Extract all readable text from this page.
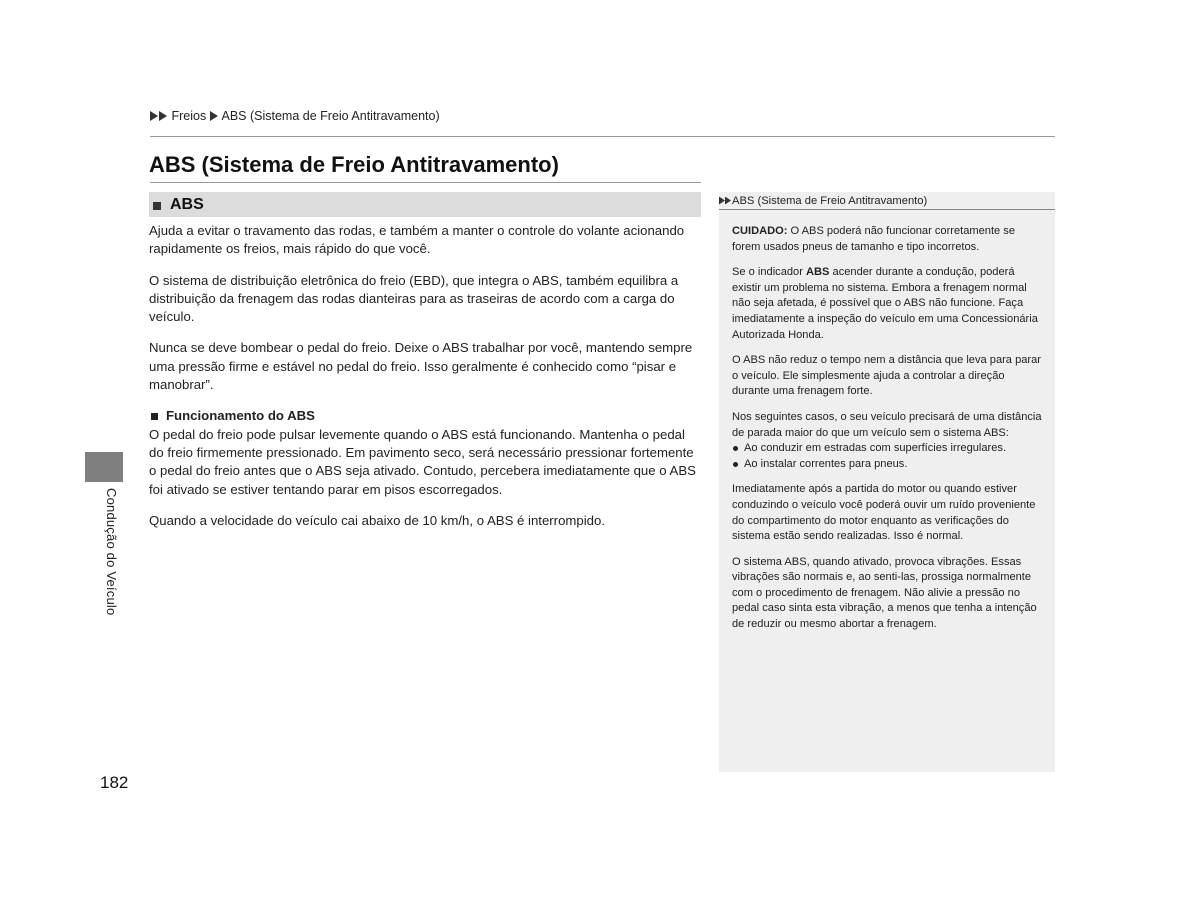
Freios ABS (Sistema de Freio Antitravamento)
ABS (Sistema de Freio Antitravamento)
ABS

Ajuda a evitar o travamento das rodas, e também a manter o controle do volante acionando rapidamente os freios, mais rápido do que você.

O sistema de distribuição eletrônica do freio (EBD), que integra o ABS, também equilibra a distribuição da frenagem das rodas dianteiras para as traseiras de acordo com a carga do veículo.

Nunca se deve bombear o pedal do freio. Deixe o ABS trabalhar por você, mantendo sempre uma pressão firme e estável no pedal do freio. Isso geralmente é conhecido como “pisar e manobrar”.

Funcionamento do ABS

O pedal do freio pode pulsar levemente quando o ABS está funcionando. Mantenha o pedal do freio firmemente pressionado. Em pavimento seco, será necessário pressionar fortemente o pedal do freio antes que o ABS seja ativado. Contudo, percebera imediatamente que o ABS foi ativado se estiver tentando parar em pisos escorregados.

Quando a velocidade do veículo cai abaixo de 10 km/h, o ABS é interrompido.

Condução do Veículo
182
ABS (Sistema de Freio Antitravamento)

CUIDADO: O ABS poderá não funcionar corretamente se forem usados pneus de tamanho e tipo incorretos.

Se o indicador ABS acender durante a condução, poderá existir um problema no sistema. Embora a frenagem normal não seja afetada, é possível que o ABS não funcione. Faça imediatamente a inspeção do veículo em uma Concessionária Autorizada Honda.

O ABS não reduz o tempo nem a distância que leva para parar o veículo. Ele simplesmente ajuda a controlar a direção durante uma frenagem forte.

Nos seguintes casos, o seu veículo precisará de uma distância de parada maior do que um veículo sem o sistema ABS:

Ao conduzir em estradas com superfícies irregulares.
Ao instalar correntes para pneus.

Imediatamente após a partida do motor ou quando estiver conduzindo o veículo você poderá ouvir um ruído proveniente do compartimento do motor enquanto as verificações do sistema estão sendo realizadas. Isso é normal.

O sistema ABS, quando ativado, provoca vibrações. Essas vibrações são normais e, ao senti-las, prossiga normalmente com o procedimento de frenagem. Não alivie a pressão no pedal caso sinta esta vibração, a menos que tenha a intenção de reduzir ou mesmo abortar a frenagem.
